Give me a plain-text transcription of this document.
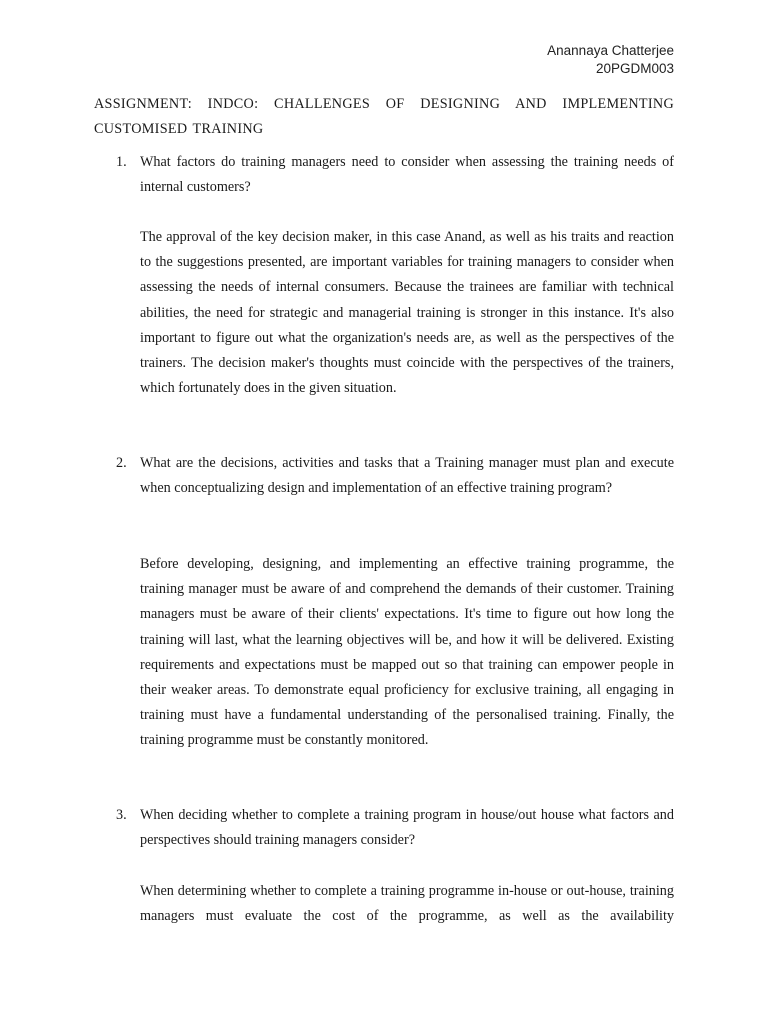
Anannaya Chatterjee
20PGDM003
ASSIGNMENT: INDCO: CHALLENGES OF DESIGNING AND IMPLEMENTING CUSTOMISED TRAINING
1. What factors do training managers need to consider when assessing the training needs of internal customers?

The approval of the key decision maker, in this case Anand, as well as his traits and reaction to the suggestions presented, are important variables for training managers to consider when assessing the needs of internal consumers. Because the trainees are familiar with technical abilities, the need for strategic and managerial training is stronger in this instance. It's also important to figure out what the organization's needs are, as well as the perspectives of the trainers. The decision maker's thoughts must coincide with the perspectives of the trainers, which fortunately does in the given situation.

2. What are the decisions, activities and tasks that a Training manager must plan and execute when conceptualizing design and implementation of an effective training program?

Before developing, designing, and implementing an effective training programme, the training manager must be aware of and comprehend the demands of their customer. Training managers must be aware of their clients' expectations. It's time to figure out how long the training will last, what the learning objectives will be, and how it will be delivered. Existing requirements and expectations must be mapped out so that training can empower people in their weaker areas. To demonstrate equal proficiency for exclusive training, all engaging in training must have a fundamental understanding of the personalised training. Finally, the training programme must be constantly monitored.

3. When deciding whether to complete a training program in house/out house what factors and perspectives should training managers consider?

When determining whether to complete a training programme in-house or out-house, training managers must evaluate the cost of the programme, as well as the availability
